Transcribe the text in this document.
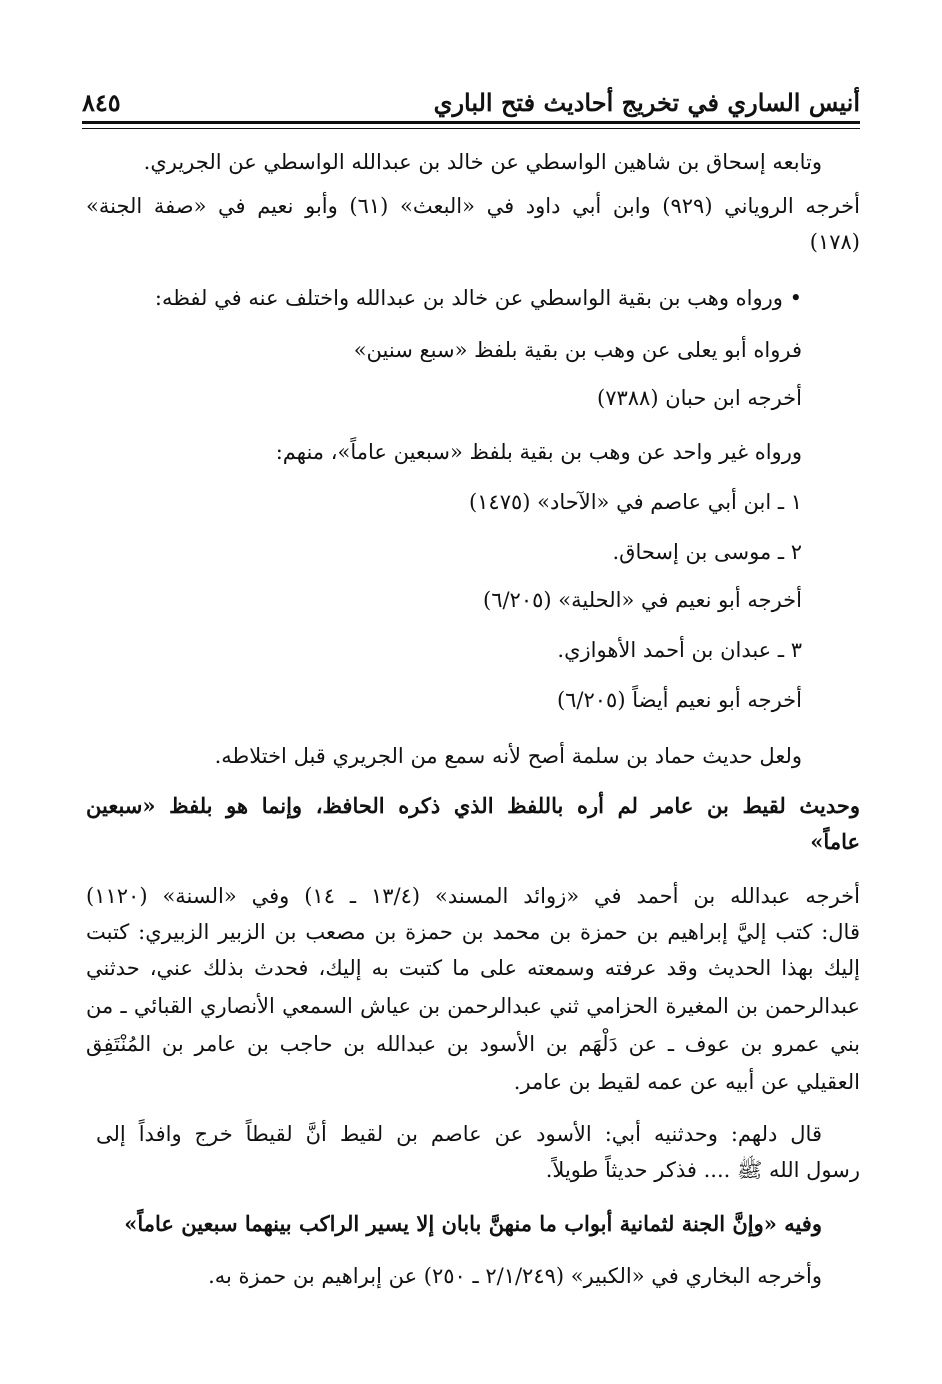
أنيس الساري في تخريج أحاديث فتح الباري
٨٤٥
وتابعه إسحاق بن شاهين الواسطي عن خالد بن عبدالله الواسطي عن الجريري.
أخرجه الروياني (٩٢٩) وابن أبي داود في «البعث» (٦١) وأبو نعيم في «صفة الجنة»
(١٧٨)
• ورواه وهب بن بقية الواسطي عن خالد بن عبدالله واختلف عنه في لفظه:
فرواه أبو يعلى عن وهب بن بقية بلفظ «سبع سنين»
أخرجه ابن حبان (٧٣٨٨)
ورواه غير واحد عن وهب بن بقية بلفظ «سبعين عاماً»، منهم:
١ ـ ابن أبي عاصم في «الآحاد» (١٤٧٥)
٢ ـ موسى بن إسحاق.
أخرجه أبو نعيم في «الحلية» (٦/٢٠٥)
٣ ـ عبدان بن أحمد الأهوازي.
أخرجه أبو نعيم أيضاً (٦/٢٠٥)
ولعل حديث حماد بن سلمة أصح لأنه سمع من الجريري قبل اختلاطه.
وحديث لقيط بن عامر لم أره باللفظ الذي ذكره الحافظ، وإنما هو بلفظ «سبعين
عاماً»
أخرجه عبدالله بن أحمد في «زوائد المسند» (١٣/٤ ـ ١٤) وفي «السنة» (١١٢٠)
قال: كتب إليَّ إبراهيم بن حمزة بن محمد بن حمزة بن مصعب بن الزبير الزبيري: كتبت
إليك بهذا الحديث وقد عرفته وسمعته على ما كتبت به إليك، فحدث بذلك عني، حدثني
عبدالرحمن بن المغيرة الحزامي ثني عبدالرحمن بن عياش السمعي الأنصاري القبائي ـ من
بني عمرو بن عوف ـ عن دَلْهَم بن الأسود بن عبدالله بن حاجب بن عامر بن المُنْتَفِق
العقيلي عن أبيه عن عمه لقيط بن عامر.
قال دلهم: وحدثنيه أبي: الأسود عن عاصم بن لقيط أنَّ لقيطاً خرج وافداً إلى
رسول الله ﷺ .... فذكر حديثاً طويلاً.
وفيه «وإنَّ الجنة لثمانية أبواب ما منهنَّ بابان إلا يسير الراكب بينهما سبعين عاماً»
وأخرجه البخاري في «الكبير» (٢/١/٢٤٩ ـ ٢٥٠) عن إبراهيم بن حمزة به.
